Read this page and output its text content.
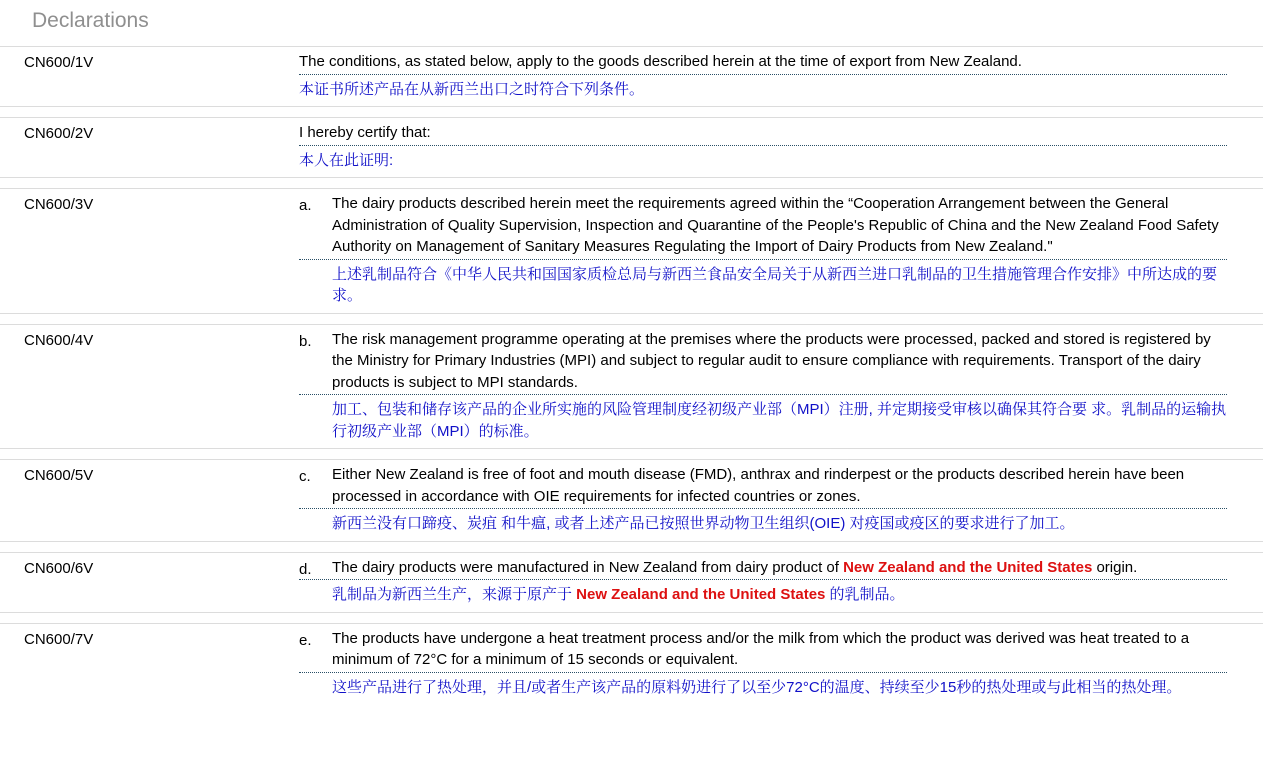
Declarations
CN600/1V	The conditions, as stated below, apply to the goods described herein at the time of export from New Zealand.
本证书所述产品在从新西兰出口之时符合下列条件。
CN600/2V	I hereby certify that:
本人在此证明:
CN600/3V	a.	The dairy products described herein meet the requirements agreed within the “Cooperation Arrangement between the General Administration of Quality Supervision, Inspection and Quarantine of the People's Republic of China and the New Zealand Food Safety Authority on Management of Sanitary Measures Regulating the Import of Dairy Products from New Zealand."
上述乳制品符合《中华人民共和国国家质检总局与新西兰食品安全局关于从新西兰进口乳制品的卫生措施管理合作安排》中所达成的要求。
CN600/4V	b.	The risk management programme operating at the premises where the products were processed, packed and stored is registered by the Ministry for Primary Industries (MPI) and subject to regular audit to ensure compliance with requirements. Transport of the dairy products is subject to MPI standards.
加工、包装和储存该产品的企业所实施的风险管理制度经初级产业部（MPI）注册, 并定期接受审核以确保其符合要 求。乳制品的运输执行初级产业部（MPI）的标准。
CN600/5V	c.	Either New Zealand is free of foot and mouth disease (FMD), anthrax and rinderpest or the products described herein have been processed in accordance with OIE requirements for infected countries or zones.
新西兰没有口蹄疫、炭疽 和牛瘟, 或者上述产品已按照世界动物卫生组织(OIE) 对疫国或疫区的要求进行了加工。
CN600/6V	d.	The dairy products were manufactured in New Zealand from dairy product of New Zealand and the United States origin.
乳制品为新西兰生产，来源于原产于 New Zealand and the United States 的乳制品。
CN600/7V	e.	The products have undergone a heat treatment process and/or the milk from which the product was derived was heat treated to a minimum of 72°C for a minimum of 15 seconds or equivalent.
这些产品进行了热处理，并且/或者生产该产品的原料奶进行了以至少72°C的温度、持续至少15秒的热处理或与此相当的热处理。
